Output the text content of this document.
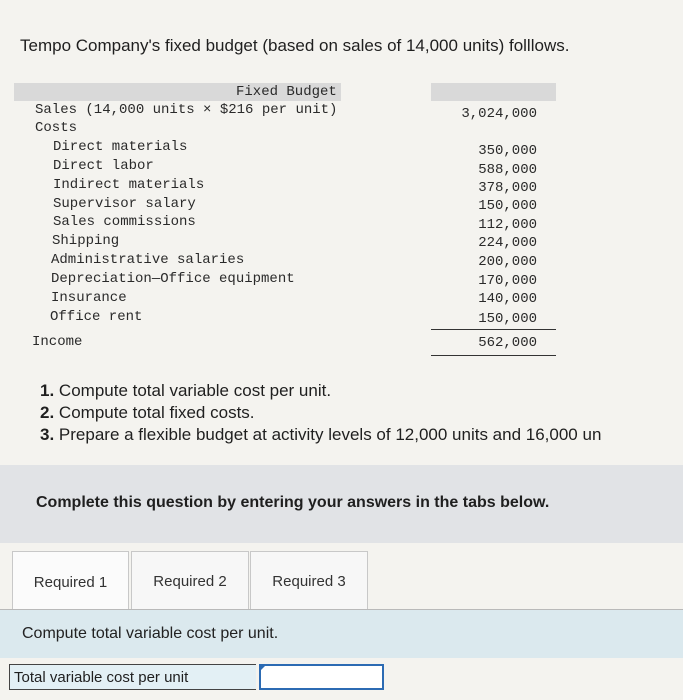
Tempo Company's fixed budget (based on sales of 14,000 units) folllows.
Fixed Budget
Sales (14,000 units × $216 per unit)	3,024,000
Costs
Direct materials	350,000
Direct labor	588,000
Indirect materials	378,000
Supervisor salary	150,000
Sales commissions	112,000
Shipping	224,000
Administrative salaries	200,000
Depreciation—Office equipment	170,000
Insurance	140,000
Office rent	150,000
Income	562,000
1. Compute total variable cost per unit.
2. Compute total fixed costs.
3. Prepare a flexible budget at activity levels of 12,000 units and 16,000 un
Complete this question by entering your answers in the tabs below.
Required 1	Required 2	Required 3
Compute total variable cost per unit.
Total variable cost per unit
